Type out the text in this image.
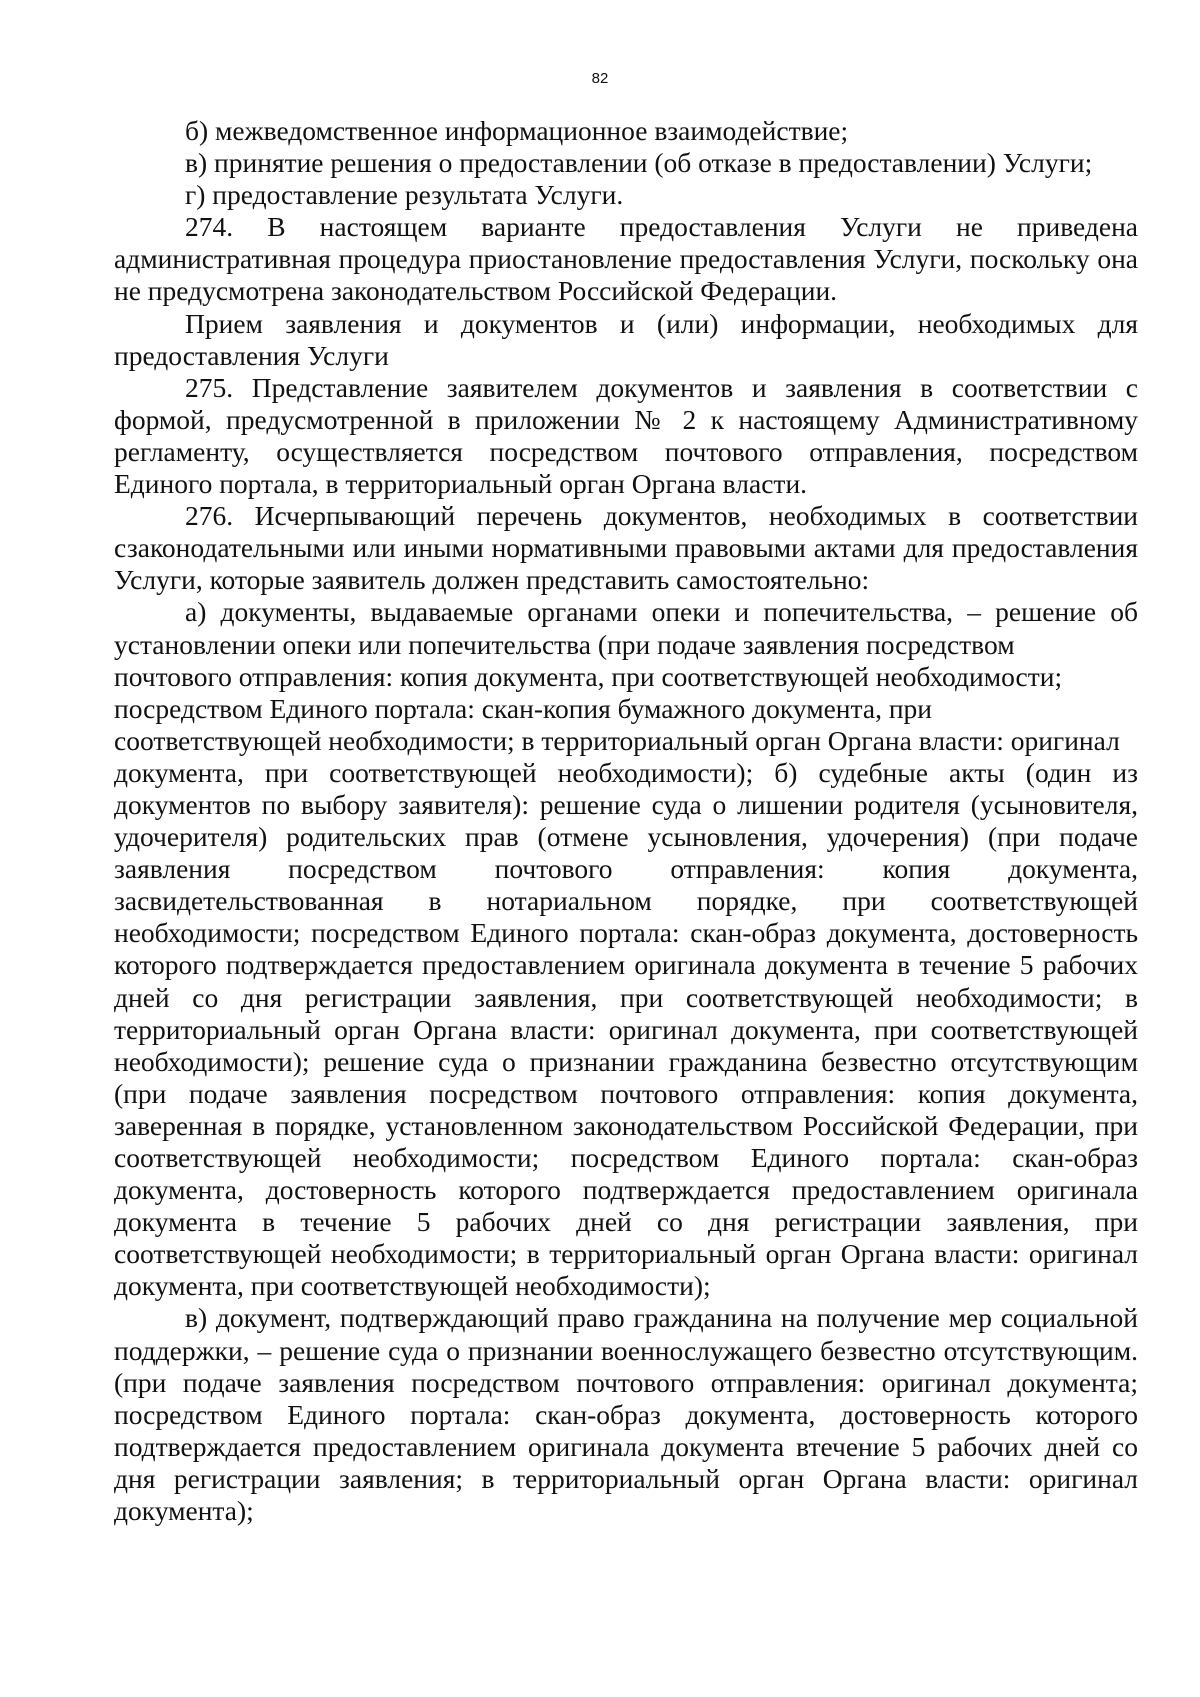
82

б) межведомственное информационное взаимодействие;

в) принятие решения о предоставлении (об отказе в предоставлении) Услуги;

г) предоставление результата Услуги.

274. В настоящем варианте предоставления Услуги не приведена административная процедура приостановление предоставления Услуги, поскольку она не предусмотрена законодательством Российской Федерации.

Прием заявления и документов и (или) информации, необходимых для предоставления Услуги

275. Представление заявителем документов и заявления в соответствии с формой, предусмотренной в приложении № 2 к настоящему Административному регламенту, осуществляется посредством почтового отправления, посредством Единого портала, в территориальный орган Органа власти.

276. Исчерпывающий перечень документов, необходимых в соответствии сзаконодательными или иными нормативными правовыми актами для предоставления Услуги, которые заявитель должен представить самостоятельно:

а) документы, выдаваемые органами опеки и попечительства, – решение об
установлении опеки или попечительства (при подаче заявления посредством
почтового отправления: копия документа, при соответствующей необходимости;
посредством Единого портала: скан-копия бумажного документа, при
соответствующей необходимости; в территориальный орган Органа власти: оригинал

документа, при соответствующей необходимости); б) судебные акты (один из документов по выбору заявителя): решение суда о лишении родителя (усыновителя, удочерителя) родительских прав (отмене усыновления, удочерения) (при подаче заявления посредством почтового отправления: копия документа, засвидетельствованная в нотариальном порядке, при соответствующей необходимости; посредством Единого портала: скан-образ документа, достоверность которого подтверждается предоставлением оригинала документа в течение 5 рабочих дней со дня регистрации заявления, при соответствующей необходимости; в территориальный орган Органа власти: оригинал документа, при соответствующей необходимости); решение суда о признании гражданина безвестно отсутствующим (при подаче заявления посредством почтового отправления: копия документа, заверенная в порядке, установленном законодательством Российской Федерации, при соответствующей необходимости; посредством Единого портала: скан-образ документа, достоверность которого подтверждается предоставлением оригинала документа в течение 5 рабочих дней со дня регистрации заявления, при соответствующей необходимости; в территориальный орган Органа власти: оригинал документа, при соответствующей необходимости);

в) документ, подтверждающий право гражданина на получение мер социальной поддержки, – решение суда о признании военнослужащего безвестно отсутствующим. (при подаче заявления посредством почтового отправления: оригинал документа; посредством Единого портала: скан-образ документа, достоверность которого подтверждается предоставлением оригинала документа втечение 5 рабочих дней со дня регистрации заявления; в территориальный орган Органа власти: оригинал документа);
